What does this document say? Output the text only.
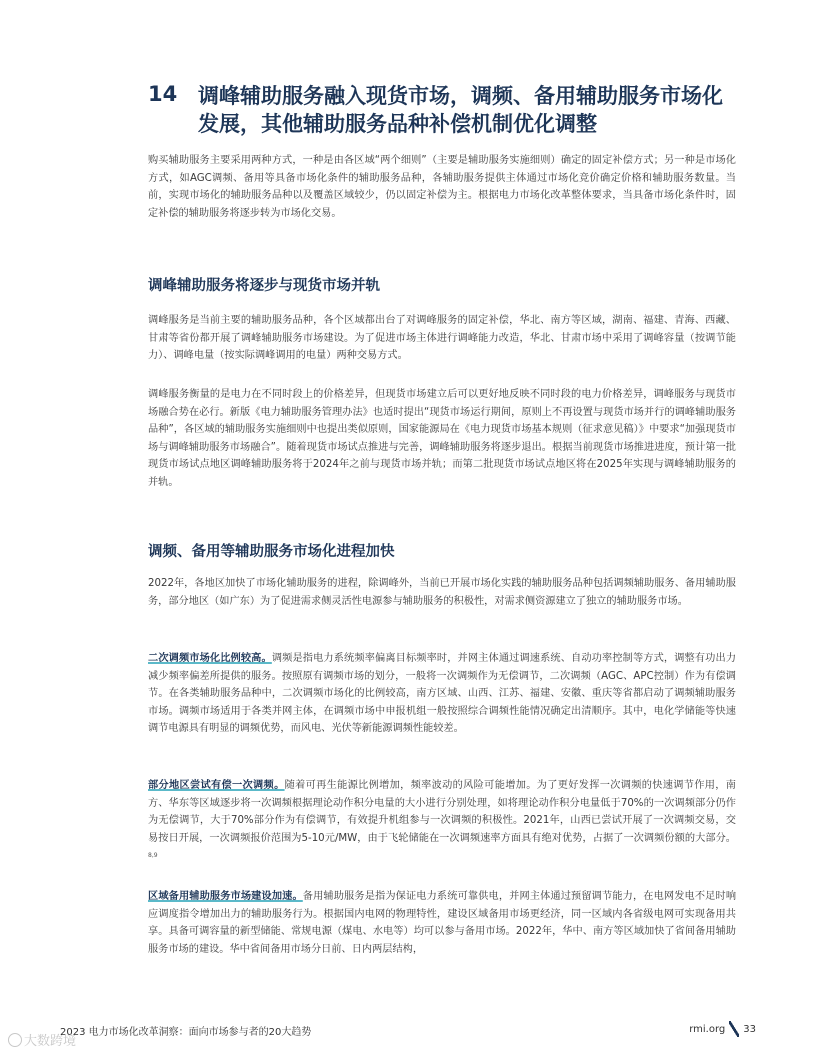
14 调峰辅助服务融入现货市场，调频、备用辅助服务市场化发展，其他辅助服务品种补偿机制优化调整

购买辅助服务主要采用两种方式，一种是由各区域“两个细则”（主要是辅助服务实施细则）确定的固定补偿方式；另一种是市场化方式，如AGC调频、备用等具备市场化条件的辅助服务品种，各辅助服务提供主体通过市场化竞价确定价格和辅助服务数量。当前，实现市场化的辅助服务品种以及覆盖区域较少，仍以固定补偿为主。根据电力市场化改革整体要求，当具备市场化条件时，固定补偿的辅助服务将逐步转为市场化交易。

调峰辅助服务将逐步与现货市场并轨

调峰服务是当前主要的辅助服务品种，各个区域都出台了对调峰服务的固定补偿，华北、南方等区域，湖南、福建、青海、西藏、甘肃等省份都开展了调峰辅助服务市场建设。为了促进市场主体进行调峰能力改造，华北、甘肃市场中采用了调峰容量（按调节能力）、调峰电量（按实际调峰调用的电量）两种交易方式。

调峰服务衡量的是电力在不同时段上的价格差异，但现货市场建立后可以更好地反映不同时段的电力价格差异，调峰服务与现货市场融合势在必行。新版《电力辅助服务管理办法》也适时提出“现货市场运行期间，原则上不再设置与现货市场并行的调峰辅助服务品种”，各区域的辅助服务实施细则中也提出类似原则，国家能源局在《电力现货市场基本规则（征求意见稿）》中要求“加强现货市场与调峰辅助服务市场融合”。随着现货市场试点推进与完善，调峰辅助服务将逐步退出。根据当前现货市场推进进度，预计第一批现货市场试点地区调峰辅助服务将于2024年之前与现货市场并轨；而第二批现货市场试点地区将在2025年实现与调峰辅助服务的并轨。

调频、备用等辅助服务市场化进程加快

2022年，各地区加快了市场化辅助服务的进程，除调峰外，当前已开展市场化实践的辅助服务品种包括调频辅助服务、备用辅助服务，部分地区（如广东）为了促进需求侧灵活性电源参与辅助服务的积极性，对需求侧资源建立了独立的辅助服务市场。

二次调频市场化比例较高。调频是指电力系统频率偏离目标频率时，并网主体通过调速系统、自动功率控制等方式，调整有功出力减少频率偏差所提供的服务。按照原有调频市场的划分，一般将一次调频作为无偿调节，二次调频（AGC、APC控制）作为有偿调节。在各类辅助服务品种中，二次调频市场化的比例较高，南方区域、山西、江苏、福建、安徽、重庆等省都启动了调频辅助服务市场。调频市场适用于各类并网主体，在调频市场中申报机组一般按照综合调频性能情况确定出清顺序。其中，电化学储能等快速调节电源具有明显的调频优势，而风电、光伏等新能源调频性能较差。

部分地区尝试有偿一次调频。随着可再生能源比例增加，频率波动的风险可能增加。为了更好发挥一次调频的快速调节作用，南方、华东等区域逐步将一次调频根据理论动作积分电量的大小进行分别处理，如将理论动作积分电量低于70%的一次调频部分仍作为无偿调节，大于70%部分作为有偿调节，有效提升机组参与一次调频的积极性。2021年，山西已尝试开展了一次调频交易，交易按日开展，一次调频报价范围为5-10元/MW，由于飞轮储能在一次调频速率方面具有绝对优势，占据了一次调频份额的大部分。$^{8,9}$

区域备用辅助服务市场建设加速。备用辅助服务是指为保证电力系统可靠供电，并网主体通过预留调节能力，在电网发电不足时响应调度指令增加出力的辅助服务行为。根据国内电网的物理特性，建设区域备用市场更经济，同一区域内各省级电网可实现备用共享。具备可调容量的新型储能、常规电源（煤电、水电等）均可以参与备用市场。2022年，华中、南方等区域加快了省间备用辅助服务市场的建设。华中省间备用市场分日前、日内两层结构，

2023 电力市场化改革洞察：面向市场参与者的20大趋势	rmi.org 33
大数跨境
